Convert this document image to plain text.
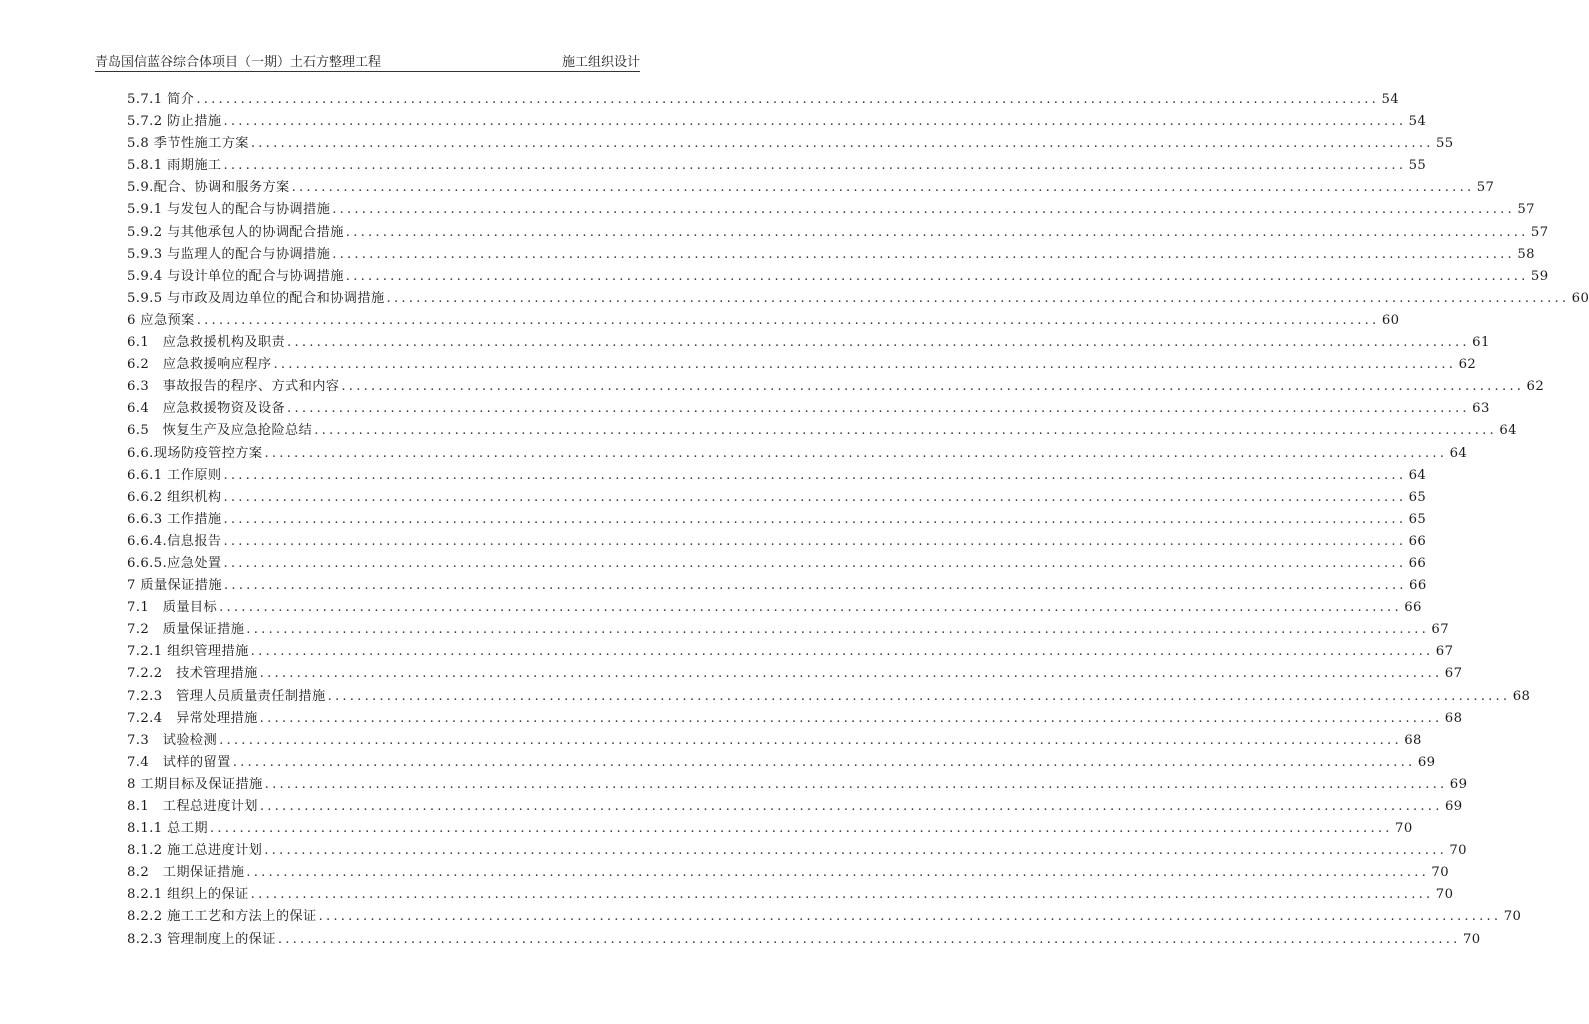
青岛国信蓝谷综合体项目（一期）土石方整理工程	施工组织设计
5.7.1 简介 ................................................................................................................................................................ 54
5.7.2 防止措施 ................................................................................................................................................................ 54
5.8 季节性施工方案 ................................................................................................................................................................ 55
5.8.1 雨期施工 ................................................................................................................................................................ 55
5.9.配合、协调和服务方案 ................................................................................................................................................................ 57
5.9.1 与发包人的配合与协调措施 ................................................................................................................................................................ 57
5.9.2 与其他承包人的协调配合措施 ................................................................................................................................................................ 57
5.9.3 与监理人的配合与协调措施 ................................................................................................................................................................ 58
5.9.4 与设计单位的配合与协调措施 ................................................................................................................................................................ 59
5.9.5 与市政及周边单位的配合和协调措施 ................................................................................................................................................................ 60
6 应急预案 ................................................................................................................................................................ 60
6.1　应急救援机构及职责 ................................................................................................................................................................ 61
6.2　应急救援响应程序 ................................................................................................................................................................ 62
6.3　事故报告的程序、方式和内容 ................................................................................................................................................................ 62
6.4　应急救援物资及设备 ................................................................................................................................................................ 63
6.5　恢复生产及应急抢险总结 ................................................................................................................................................................ 64
6.6.现场防疫管控方案 ................................................................................................................................................................ 64
6.6.1 工作原则 ................................................................................................................................................................ 64
6.6.2 组织机构 ................................................................................................................................................................ 65
6.6.3 工作措施 ................................................................................................................................................................ 65
6.6.4.信息报告 ................................................................................................................................................................ 66
6.6.5.应急处置 ................................................................................................................................................................ 66
7 质量保证措施 ................................................................................................................................................................ 66
7.1　质量目标 ................................................................................................................................................................ 66
7.2　质量保证措施 ................................................................................................................................................................ 67
7.2.1 组织管理措施 ................................................................................................................................................................ 67
7.2.2　技术管理措施 ................................................................................................................................................................ 67
7.2.3　管理人员质量责任制措施 ................................................................................................................................................................ 68
7.2.4　异常处理措施 ................................................................................................................................................................ 68
7.3　试验检测 ................................................................................................................................................................ 68
7.4　试样的留置 ................................................................................................................................................................ 69
8 工期目标及保证措施 ................................................................................................................................................................ 69
8.1　工程总进度计划 ................................................................................................................................................................ 69
8.1.1 总工期 ................................................................................................................................................................ 70
8.1.2 施工总进度计划 ................................................................................................................................................................ 70
8.2　工期保证措施 ................................................................................................................................................................ 70
8.2.1 组织上的保证 ................................................................................................................................................................ 70
8.2.2 施工工艺和方法上的保证 ................................................................................................................................................................ 70
8.2.3 管理制度上的保证 ................................................................................................................................................................ 70
